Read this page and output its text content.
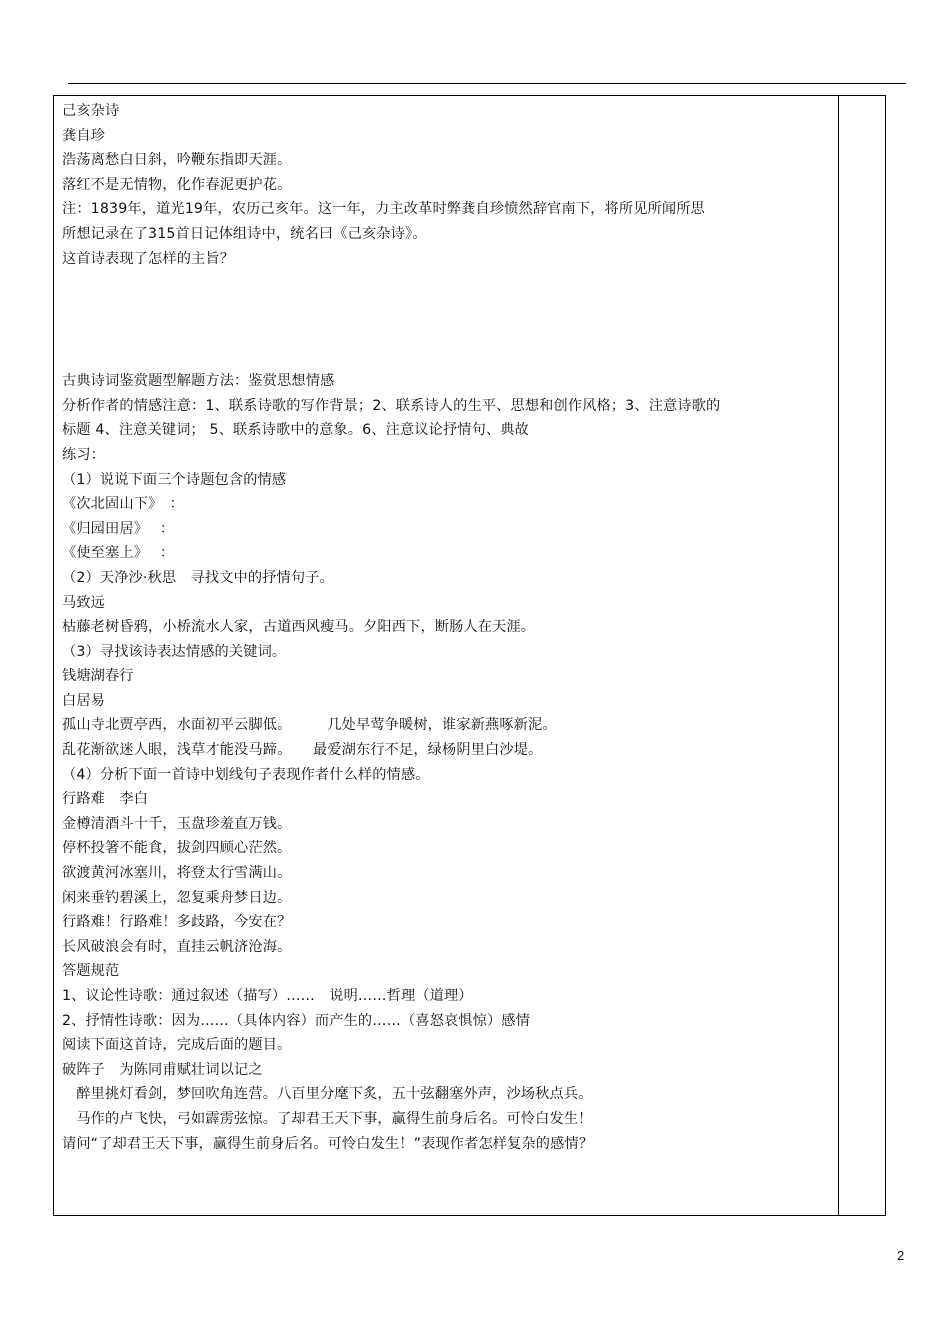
己亥杂诗
龚自珍
浩荡离愁白日斜，吟鞭东指即天涯。
落红不是无情物，化作春泥更护花。
注：1839年，道光19年，农历己亥年。这一年，力主改革时弊龚自珍愤然辞官南下，将所见所闻所思
所想记录在了315首日记体组诗中，统名曰《己亥杂诗》。
这首诗表现了怎样的主旨？
古典诗词鉴赏题型解题方法：鉴赏思想情感
分析作者的情感注意：1、联系诗歌的写作背景；2、联系诗人的生平、思想和创作风格；3、注意诗歌的
标题 4、注意关键词； 5、联系诗歌中的意象。6、注意议论抒情句、典故
练习：
（1）说说下面三个诗题包含的情感
《次北固山下》　：
《归园田居》　 ：
《使至塞上》　 ：
（2）天净沙·秋思　寻找文中的抒情句子。
马致远
枯藤老树昏鸦，小桥流水人家，古道西风瘦马。夕阳西下，断肠人在天涯。
（3）寻找该诗表达情感的关键词。
钱塘湖春行
白居易
孤山寺北贾亭西，水面初平云脚低。　　　几处早莺争暖树，谁家新燕啄新泥。
乱花渐欲迷人眼，浅草才能没马蹄。　　最爱湖东行不足，绿杨阴里白沙堤。
（4）分析下面一首诗中划线句子表现作者什么样的情感。
行路难　李白
金樽清酒斗十千，玉盘珍羞直万钱。
停杯投箸不能食，拔剑四顾心茫然。
欲渡黄河冰塞川，将登太行雪满山。
闲来垂钓碧溪上，忽复乘舟梦日边。
行路难！行路难！多歧路，今安在？
长风破浪会有时，直挂云帆济沧海。
答题规范
1、议论性诗歌：通过叙述（描写）……　说明……哲理（道理）
2、抒情性诗歌：因为……（具体内容）而产生的……（喜怒哀惧惊）感情
阅读下面这首诗，完成后面的题目。
破阵子　为陈同甫赋壮词以记之
　醉里挑灯看剑，梦回吹角连营。八百里分麾下炙，五十弦翻塞外声，沙场秋点兵。
　马作的卢飞快，弓如霹雳弦惊。了却君王天下事，赢得生前身后名。可怜白发生！
请问“了却君王天下事，赢得生前身后名。可怜白发生！”表现作者怎样复杂的感情？
2
